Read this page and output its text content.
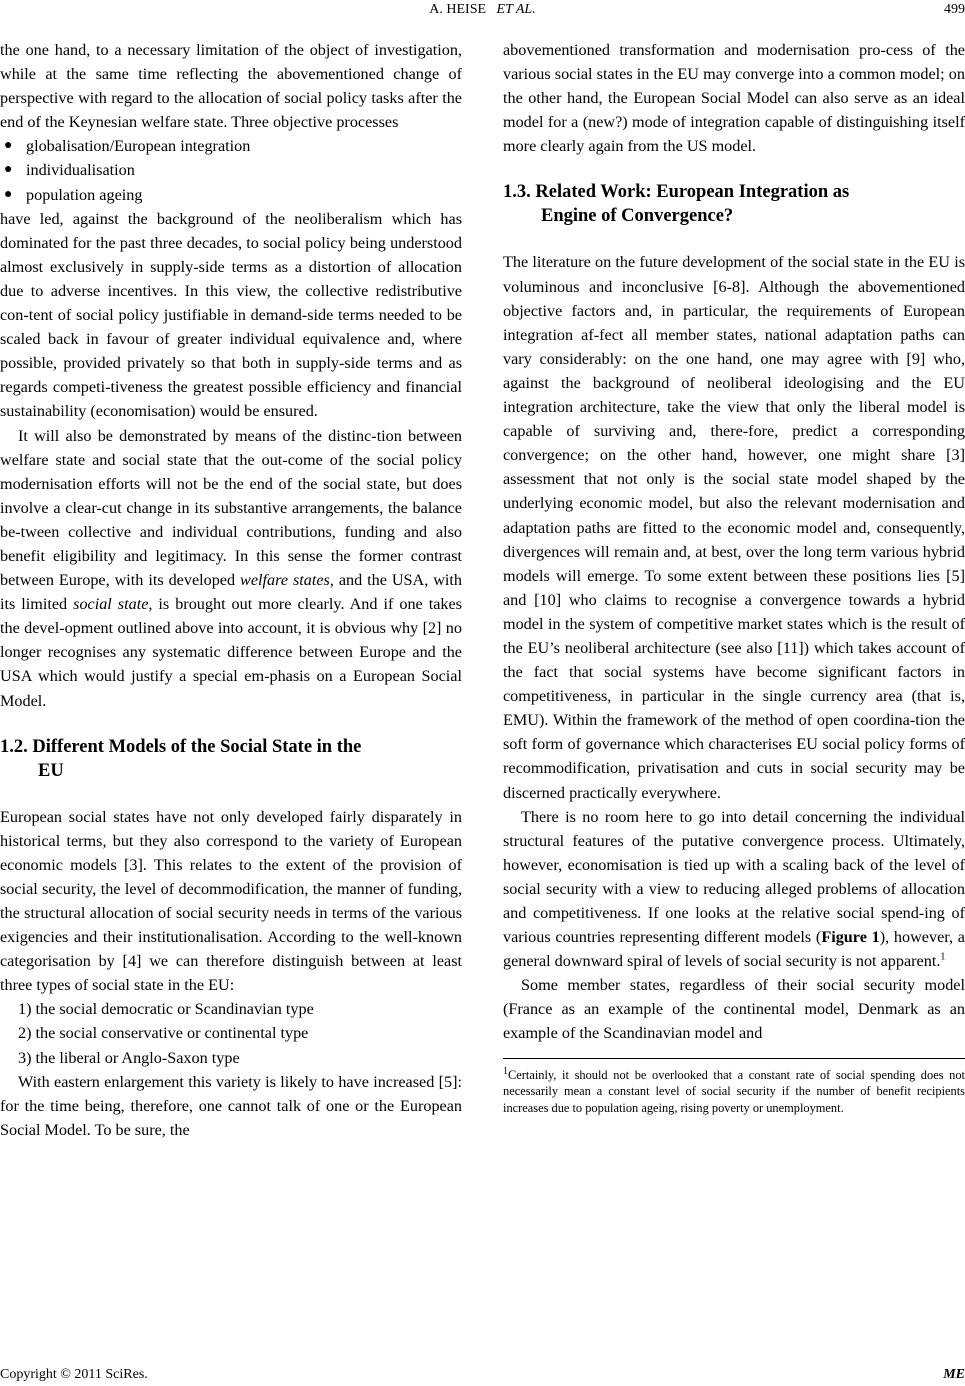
A. HEISE ET AL.	499

the one hand, to a necessary limitation of the object of investigation, while at the same time reflecting the abovementioned change of perspective with regard to the allocation of social policy tasks after the end of the Keynesian welfare state. Three objective processes

● globalisation/European integration
● individualisation
● population ageing

have led, against the background of the neoliberalism which has dominated for the past three decades, to social policy being understood almost exclusively in supply-side terms as a distortion of allocation due to adverse incentives. In this view, the collective redistributive con-tent of social policy justifiable in demand-side terms needed to be scaled back in favour of greater individual equivalence and, where possible, provided privately so that both in supply-side terms and as regards competi-tiveness the greatest possible efficiency and financial sustainability (economisation) would be ensured.

It will also be demonstrated by means of the distinc-tion between welfare state and social state that the out-come of the social policy modernisation efforts will not be the end of the social state, but does involve a clear-cut change in its substantive arrangements, the balance be-tween collective and individual contributions, funding and also benefit eligibility and legitimacy. In this sense the former contrast between Europe, with its developed welfare states, and the USA, with its limited social state, is brought out more clearly. And if one takes the devel-opment outlined above into account, it is obvious why [2] no longer recognises any systematic difference between Europe and the USA which would justify a special em-phasis on a European Social Model.

1.2. Different Models of the Social State in the
EU

European social states have not only developed fairly disparately in historical terms, but they also correspond to the variety of European economic models [3]. This relates to the extent of the provision of social security, the level of decommodification, the manner of funding, the structural allocation of social security needs in terms of the various exigencies and their institutionalisation. According to the well-known categorisation by [4] we can therefore distinguish between at least three types of social state in the EU:

1) the social democratic or Scandinavian type
2) the social conservative or continental type
3) the liberal or Anglo-Saxon type

With eastern enlargement this variety is likely to have increased [5]: for the time being, therefore, one cannot talk of one or the European Social Model. To be sure, the

abovementioned transformation and modernisation pro-cess of the various social states in the EU may converge into a common model; on the other hand, the European Social Model can also serve as an ideal model for a (new?) mode of integration capable of distinguishing itself more clearly again from the US model.

1.3. Related Work: European Integration as
Engine of Convergence?

The literature on the future development of the social state in the EU is voluminous and inconclusive [6-8]. Although the abovementioned objective factors and, in particular, the requirements of European integration af-fect all member states, national adaptation paths can vary considerably: on the one hand, one may agree with [9] who, against the background of neoliberal ideologising and the EU integration architecture, take the view that only the liberal model is capable of surviving and, there-fore, predict a corresponding convergence; on the other hand, however, one might share [3] assessment that not only is the social state model shaped by the underlying economic model, but also the relevant modernisation and adaptation paths are fitted to the economic model and, consequently, divergences will remain and, at best, over the long term various hybrid models will emerge. To some extent between these positions lies [5] and [10] who claims to recognise a convergence towards a hybrid model in the system of competitive market states which is the result of the EU’s neoliberal architecture (see also [11]) which takes account of the fact that social systems have become significant factors in competitiveness, in particular in the single currency area (that is, EMU). Within the framework of the method of open coordina-tion the soft form of governance which characterises EU social policy forms of recommodification, privatisation and cuts in social security may be discerned practically everywhere.

There is no room here to go into detail concerning the individual structural features of the putative convergence process. Ultimately, however, economisation is tied up with a scaling back of the level of social security with a view to reducing alleged problems of allocation and competitiveness. If one looks at the relative social spend-ing of various countries representing different models (Figure 1), however, a general downward spiral of levels of social security is not apparent.$^1$

Some member states, regardless of their social security model (France as an example of the continental model, Denmark as an example of the Scandinavian model and

$^1$Certainly, it should not be overlooked that a constant rate of social spending does not necessarily mean a constant level of social security if the number of benefit recipients increases due to population ageing, rising poverty or unemployment.
Copyright © 2011 SciRes.	ME
